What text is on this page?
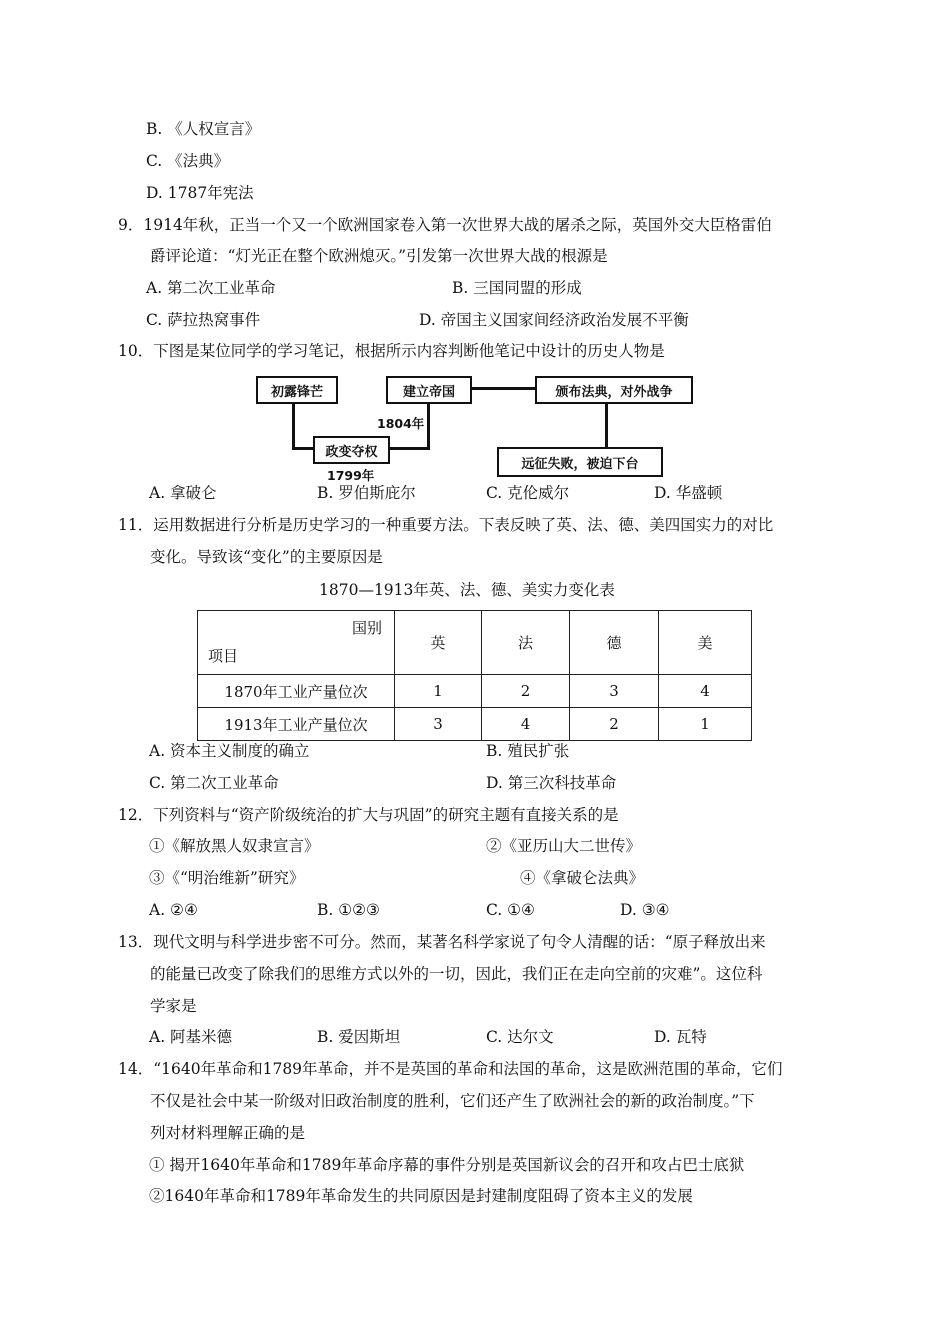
B. 《人权宣言》
C. 《法典》
D. 1787年宪法
9．1914年秋，正当一个又一个欧洲国家卷入第一次世界大战的屠杀之际，英国外交大臣格雷伯
爵评论道：“灯光正在整个欧洲熄灭。”引发第一次世界大战的根源是
A. 第二次工业革命	B. 三国同盟的形成
C. 萨拉热窝事件	D. 帝国主义国家间经济政治发展不平衡
10．下图是某位同学的学习笔记，根据所示内容判断他笔记中设计的历史人物是
初露锋芒
政变夺权
建立帝国	颁布法典，对外战争
远征失败，被迫下台
1799年
1804年
A. 拿破仑	B. 罗伯斯庇尔	C. 克伦威尔	D. 华盛顿
11．运用数据进行分析是历史学习的一种重要方法。下表反映了英、法、德、美四国实力的对比
变化。导致该“变化”的主要原因是
1870—1913年英、法、德、美实力变化表
国别
项目	英	法	德	美
1870年工业产量位次	1	2	3	4
1913年工业产量位次	3	4	2	1
A. 资本主义制度的确立	B. 殖民扩张
C. 第二次工业革命	D. 第三次科技革命
12．下列资料与“资产阶级统治的扩大与巩固”的研究主题有直接关系的是
①《解放黑人奴隶宣言》	②《亚历山大二世传》
③《“明治维新”研究》	④《拿破仑法典》
A. ②④	B. ①②③	C. ①④	D. ③④
13．现代文明与科学进步密不可分。然而，某著名科学家说了句令人清醒的话：“原子释放出来
的能量已改变了除我们的思维方式以外的一切，因此，我们正在走向空前的灾难”。这位科
学家是
A. 阿基米德	B. 爱因斯坦	C. 达尔文	D. 瓦特
14．“1640年革命和1789年革命，并不是英国的革命和法国的革命，这是欧洲范围的革命，它们
不仅是社会中某一阶级对旧政治制度的胜利，它们还产生了欧洲社会的新的政治制度。”下
列对材料理解正确的是
① 揭开1640年革命和1789年革命序幕的事件分别是英国新议会的召开和攻占巴士底狱
②1640年革命和1789年革命发生的共同原因是封建制度阻碍了资本主义的发展
